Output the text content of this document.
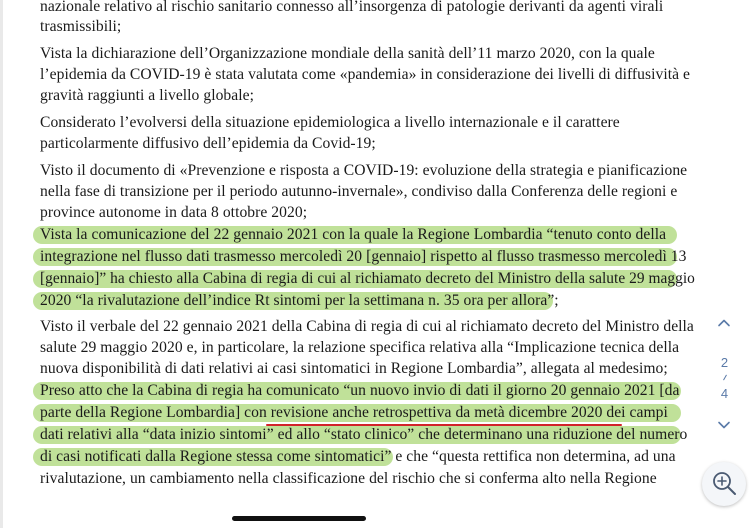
nazionale relativo al rischio sanitario connesso all’insorgenza di patologie derivanti da agenti virali
trasmissibili;
Vista la dichiarazione dell’Organizzazione mondiale della sanità dell’11 marzo 2020, con la quale
l’epidemia da COVID-19 è stata valutata come «pandemia» in considerazione dei livelli di diffusività e
gravità raggiunti a livello globale;
Considerato l’evolversi della situazione epidemiologica a livello internazionale e il carattere
particolarmente diffusivo dell’epidemia da Covid-19;
Visto il documento di «Prevenzione e risposta a COVID-19: evoluzione della strategia e pianificazione
nella fase di transizione per il periodo autunno-invernale», condiviso dalla Conferenza delle regioni e
province autonome in data 8 ottobre 2020;
Vista la comunicazione del 22 gennaio 2021 con la quale la Regione Lombardia “tenuto conto della
integrazione nel flusso dati trasmesso mercoledì 20 [gennaio] rispetto al flusso trasmesso mercoledì 13
[gennaio]” ha chiesto alla Cabina di regia di cui al richiamato decreto del Ministro della salute 29 maggio
2020 “la rivalutazione dell’indice Rt sintomi per la settimana n. 35 ora per allora”;
Visto il verbale del 22 gennaio 2021 della Cabina di regia di cui al richiamato decreto del Ministro della
salute 29 maggio 2020 e, in particolare, la relazione specifica relativa alla “Implicazione tecnica della
nuova disponibilità di dati relativi ai casi sintomatici in Regione Lombardia”, allegata al medesimo;
Preso atto che la Cabina di regia ha comunicato “un nuovo invio di dati il giorno 20 gennaio 2021 [da
parte della Regione Lombardia] con revisione anche retrospettiva da metà dicembre 2020 dei campi
dati relativi alla “data inizio sintomi” ed allo “stato clinico” che determinano una riduzione del numero
di casi notificati dalla Regione stessa come sintomatici” e che “questa rettifica non determina, ad una
rivalutazione, un cambiamento nella classificazione del rischio che si conferma alto nella Regione
2
4
